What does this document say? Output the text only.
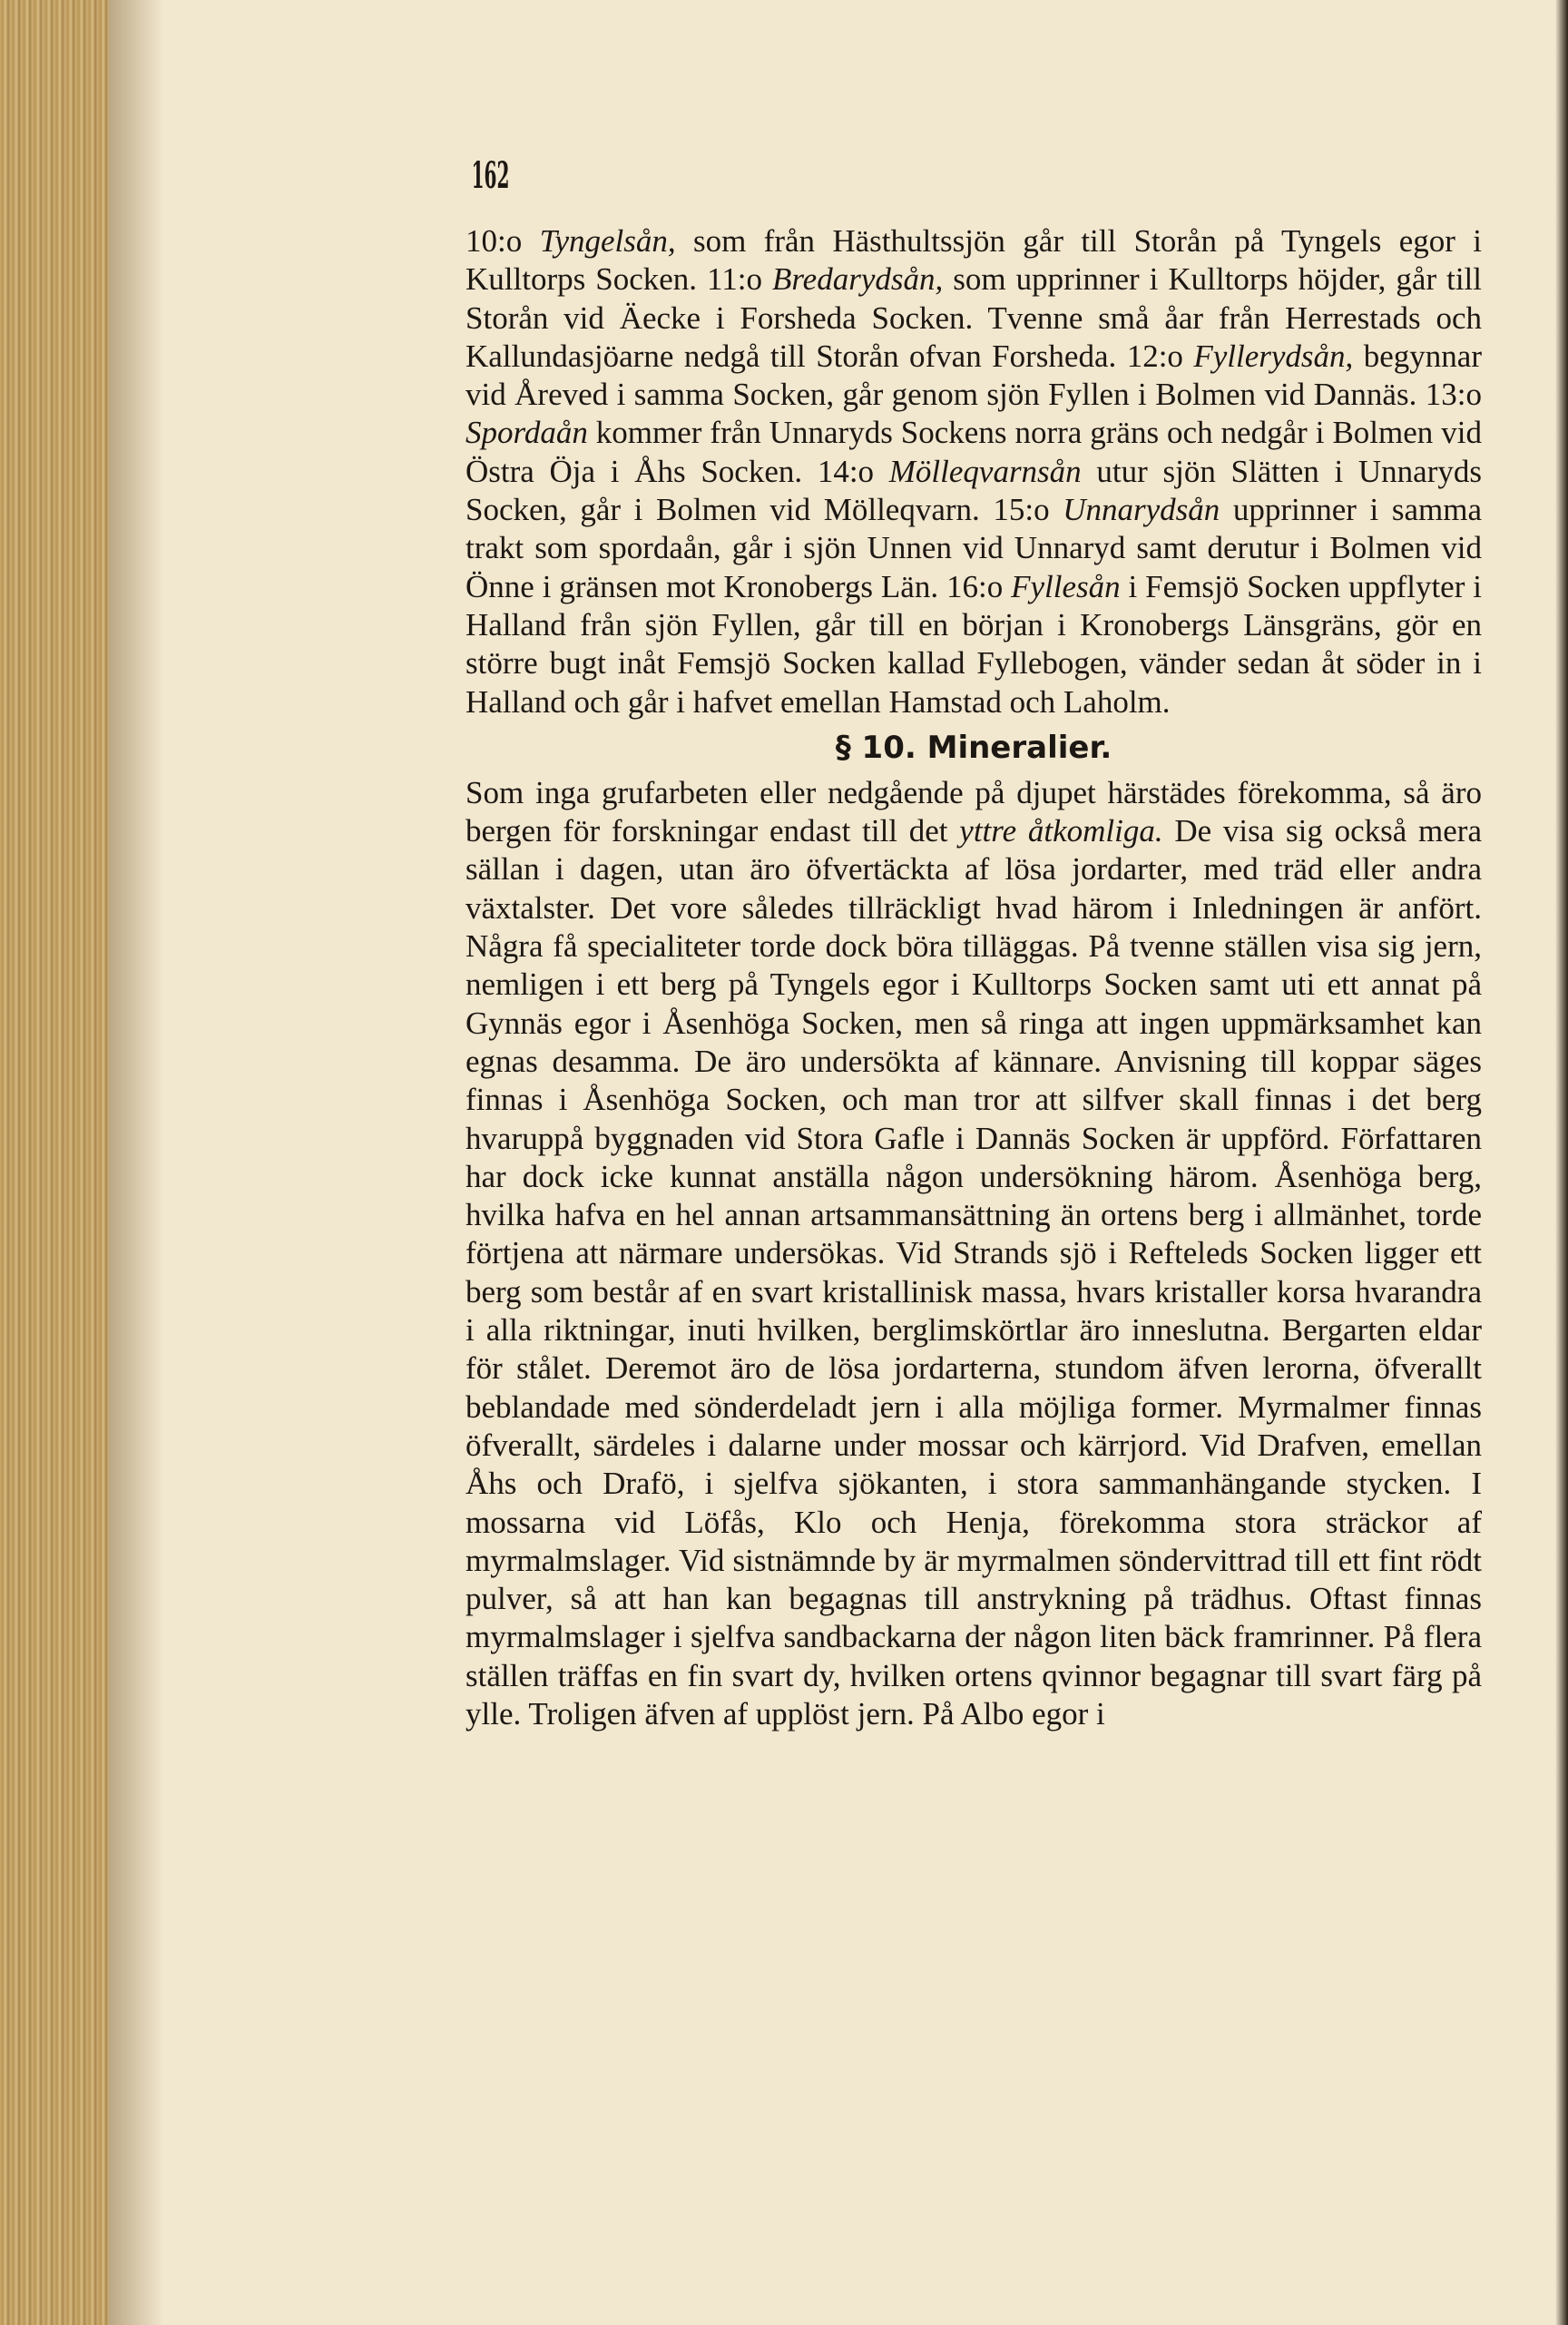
162

10:o Tyngelsån, som från Hästhultssjön går till Storån på Tyngels egor i Kulltorps Socken. 11:o Bredarydsån, som upprinner i Kulltorps höjder, går till Storån vid Äecke i Forsheda Socken. Tvenne små åar från Herrestads och Kallundasjöarne nedgå till Storån ofvan Forsheda. 12:o Fyllerydsån, begynnar vid Åreved i samma Socken, går genom sjön Fyllen i Bolmen vid Dannäs. 13:o Spordaån kommer från Unnaryds Sockens norra gräns och nedgår i Bolmen vid Östra Öja i Åhs Socken. 14:o Mölleqvarnsån utur sjön Slätten i Unnaryds Socken, går i Bolmen vid Mölleqvarn. 15:o Unnarydsån upprinner i samma trakt som spordaån, går i sjön Unnen vid Unnaryd samt derutur i Bolmen vid Önne i gränsen mot Kronobergs Län. 16:o Fyllesån i Femsjö Socken uppflyter i Halland från sjön Fyllen, går till en början i Kronobergs Länsgräns, gör en större bugt inåt Femsjö Socken kallad Fyllebogen, vänder sedan åt söder in i Halland och går i hafvet emellan Hamstad och Laholm.

§ 10. Mineralier.

Som inga grufarbeten eller nedgående på djupet härstädes förekomma, så äro bergen för forskningar endast till det yttre åtkomliga. De visa sig också mera sällan i dagen, utan äro öfvertäckta af lösa jordarter, med träd eller andra växtalster. Det vore således tillräckligt hvad härom i Inledningen är anfört. Några få specialiteter torde dock böra tilläggas. På tvenne ställen visa sig jern, nemligen i ett berg på Tyngels egor i Kulltorps Socken samt uti ett annat på Gynnäs egor i Åsenhöga Socken, men så ringa att ingen uppmärksamhet kan egnas desamma. De äro undersökta af kännare. Anvisning till koppar säges finnas i Åsenhöga Socken, och man tror att silfver skall finnas i det berg hvaruppå byggnaden vid Stora Gafle i Dannäs Socken är uppförd. Författaren har dock icke kunnat anställa någon undersökning härom. Åsenhöga berg, hvilka hafva en hel annan artsammansättning än ortens berg i allmänhet, torde förtjena att närmare undersökas. Vid Strands sjö i Refteleds Socken ligger ett berg som består af en svart kristallinisk massa, hvars kristaller korsa hvarandra i alla riktningar, inuti hvilken, berglimskörtlar äro inneslutna. Bergarten eldar för stålet. Deremot äro de lösa jordarterna, stundom äfven lerorna, öfverallt beblandade med sönderdeladt jern i alla möjliga former. Myrmalmer finnas öfverallt, särdeles i dalarne under mossar och kärrjord. Vid Drafven, emellan Åhs och Drafö, i sjelfva sjökanten, i stora sammanhängande stycken. I mossarna vid Löfås, Klo och Henja, förekomma stora sträckor af myrmalmslager. Vid sistnämnde by är myrmalmen söndervittrad till ett fint rödt pulver, så att han kan begagnas till anstrykning på trädhus. Oftast finnas myrmalmslager i sjelfva sandbackarna der någon liten bäck framrinner. På flera ställen träffas en fin svart dy, hvilken ortens qvinnor begagnar till svart färg på ylle. Troligen äfven af upplöst jern. På Albo egor i
